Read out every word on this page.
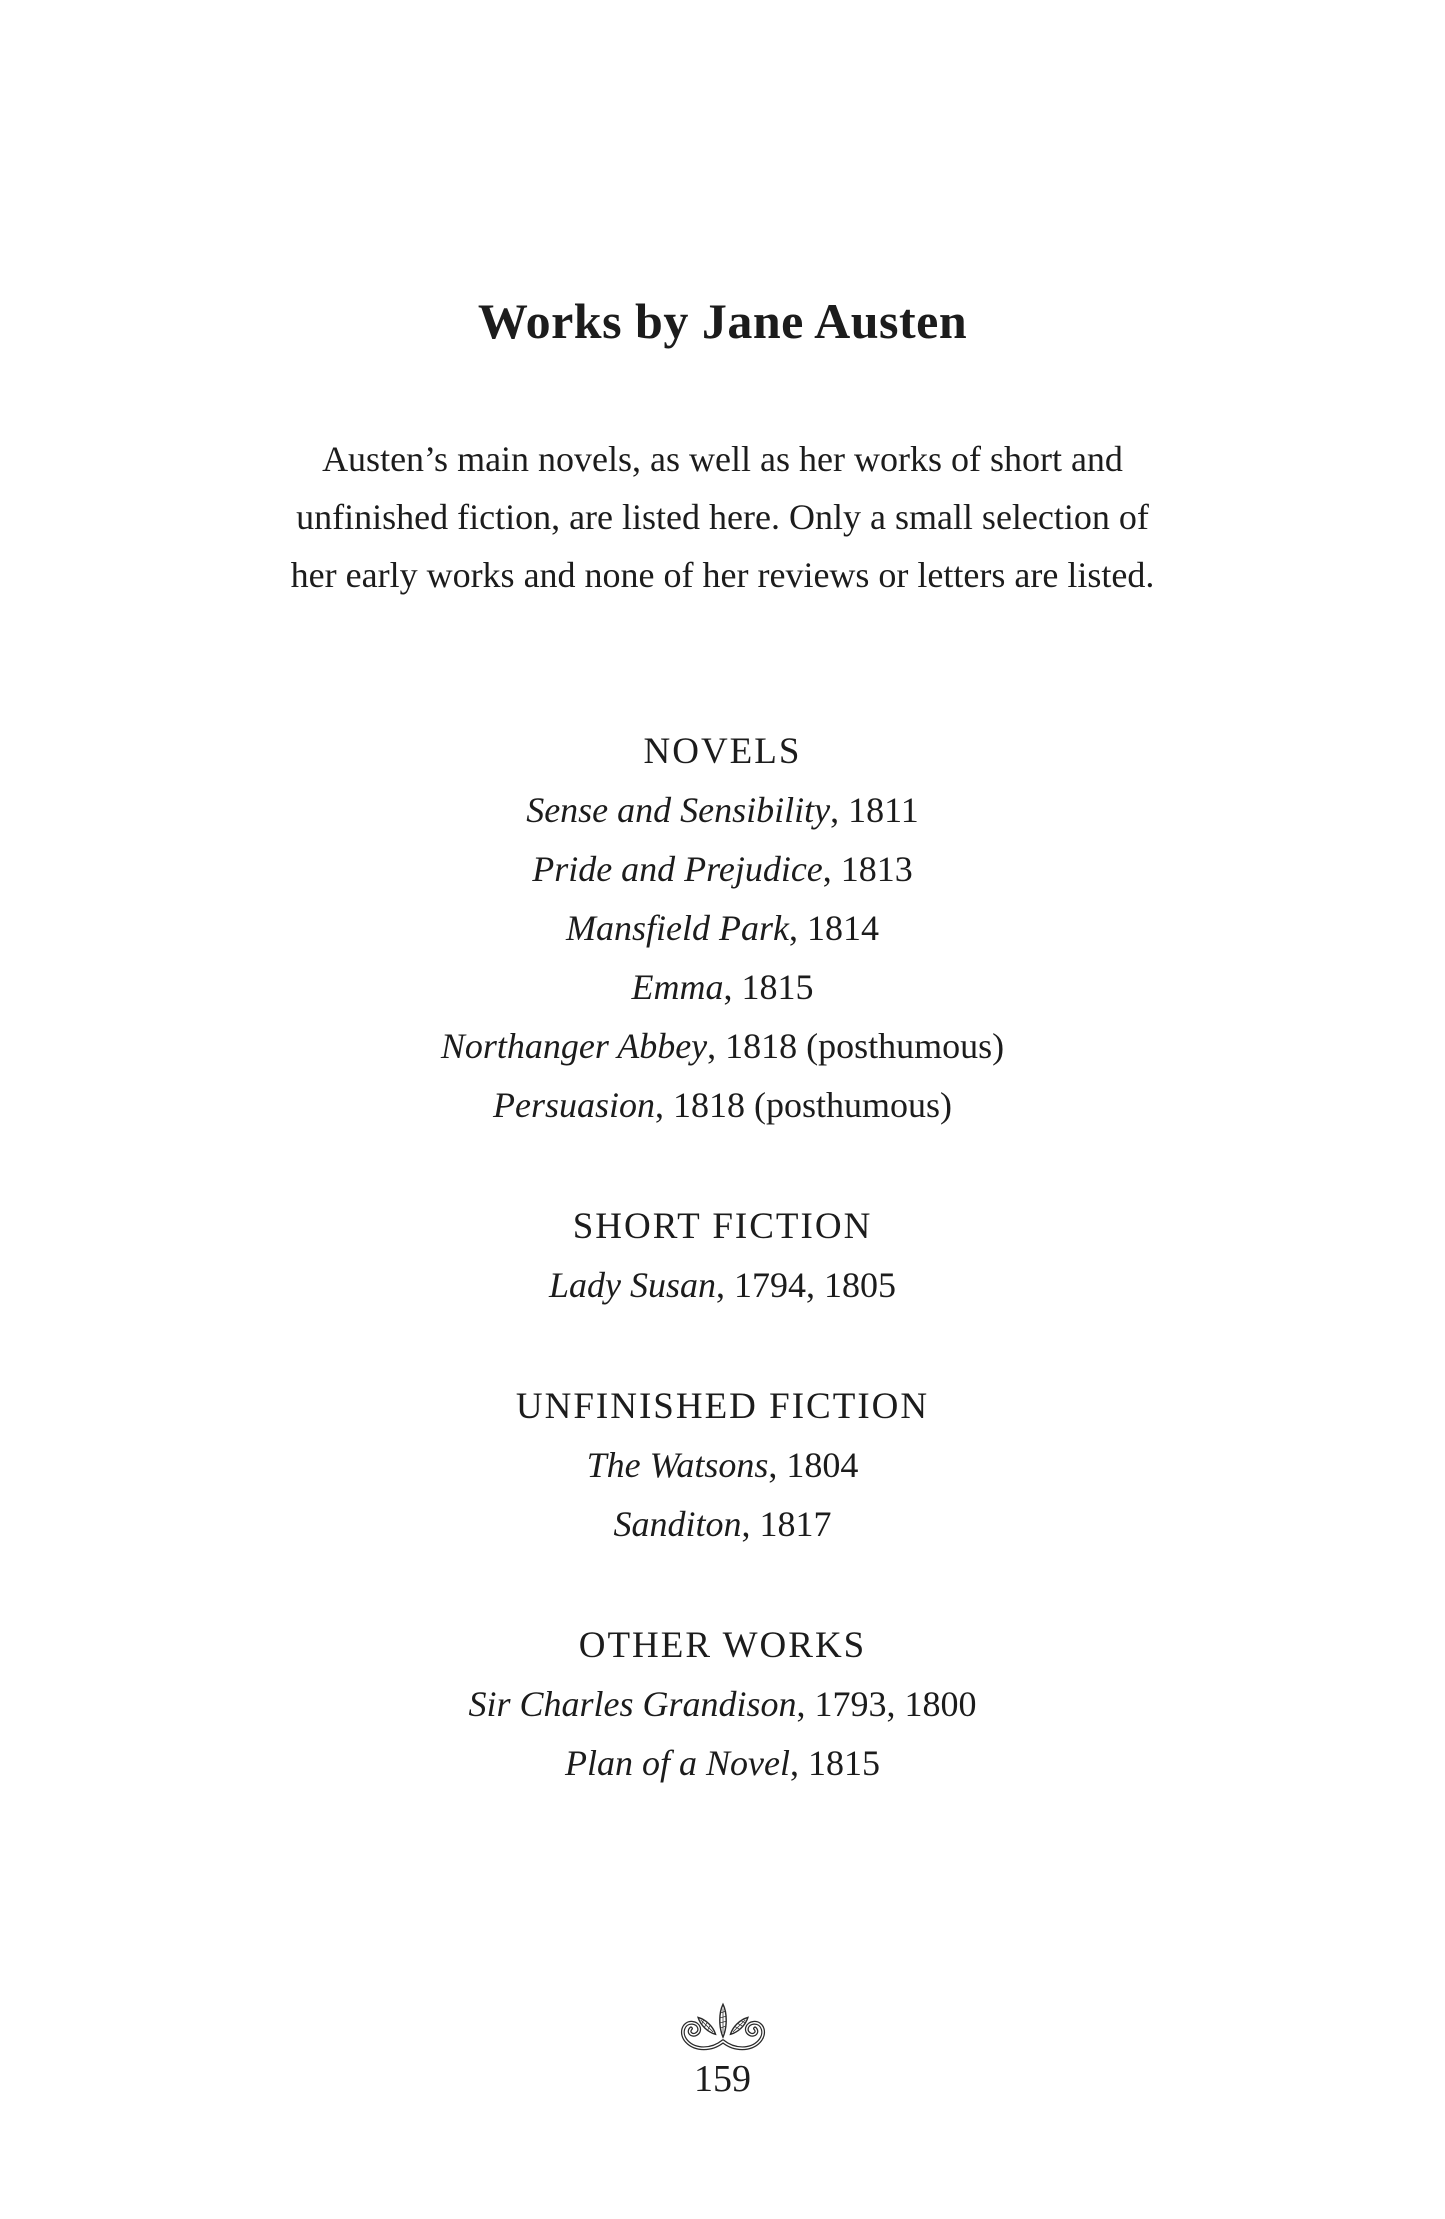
Works by Jane Austen

Austen’s main novels, as well as her works of short and
unfinished fiction, are listed here. Only a small selection of
her early works and none of her reviews or letters are listed.

NOVELS
Sense and Sensibility, 1811
Pride and Prejudice, 1813
Mansfield Park, 1814
Emma, 1815
Northanger Abbey, 1818 (posthumous)
Persuasion, 1818 (posthumous)
SHORT FICTION
Lady Susan, 1794, 1805
UNFINISHED FICTION
The Watsons, 1804
Sanditon, 1817
OTHER WORKS
Sir Charles Grandison, 1793, 1800
Plan of a Novel, 1815
159
